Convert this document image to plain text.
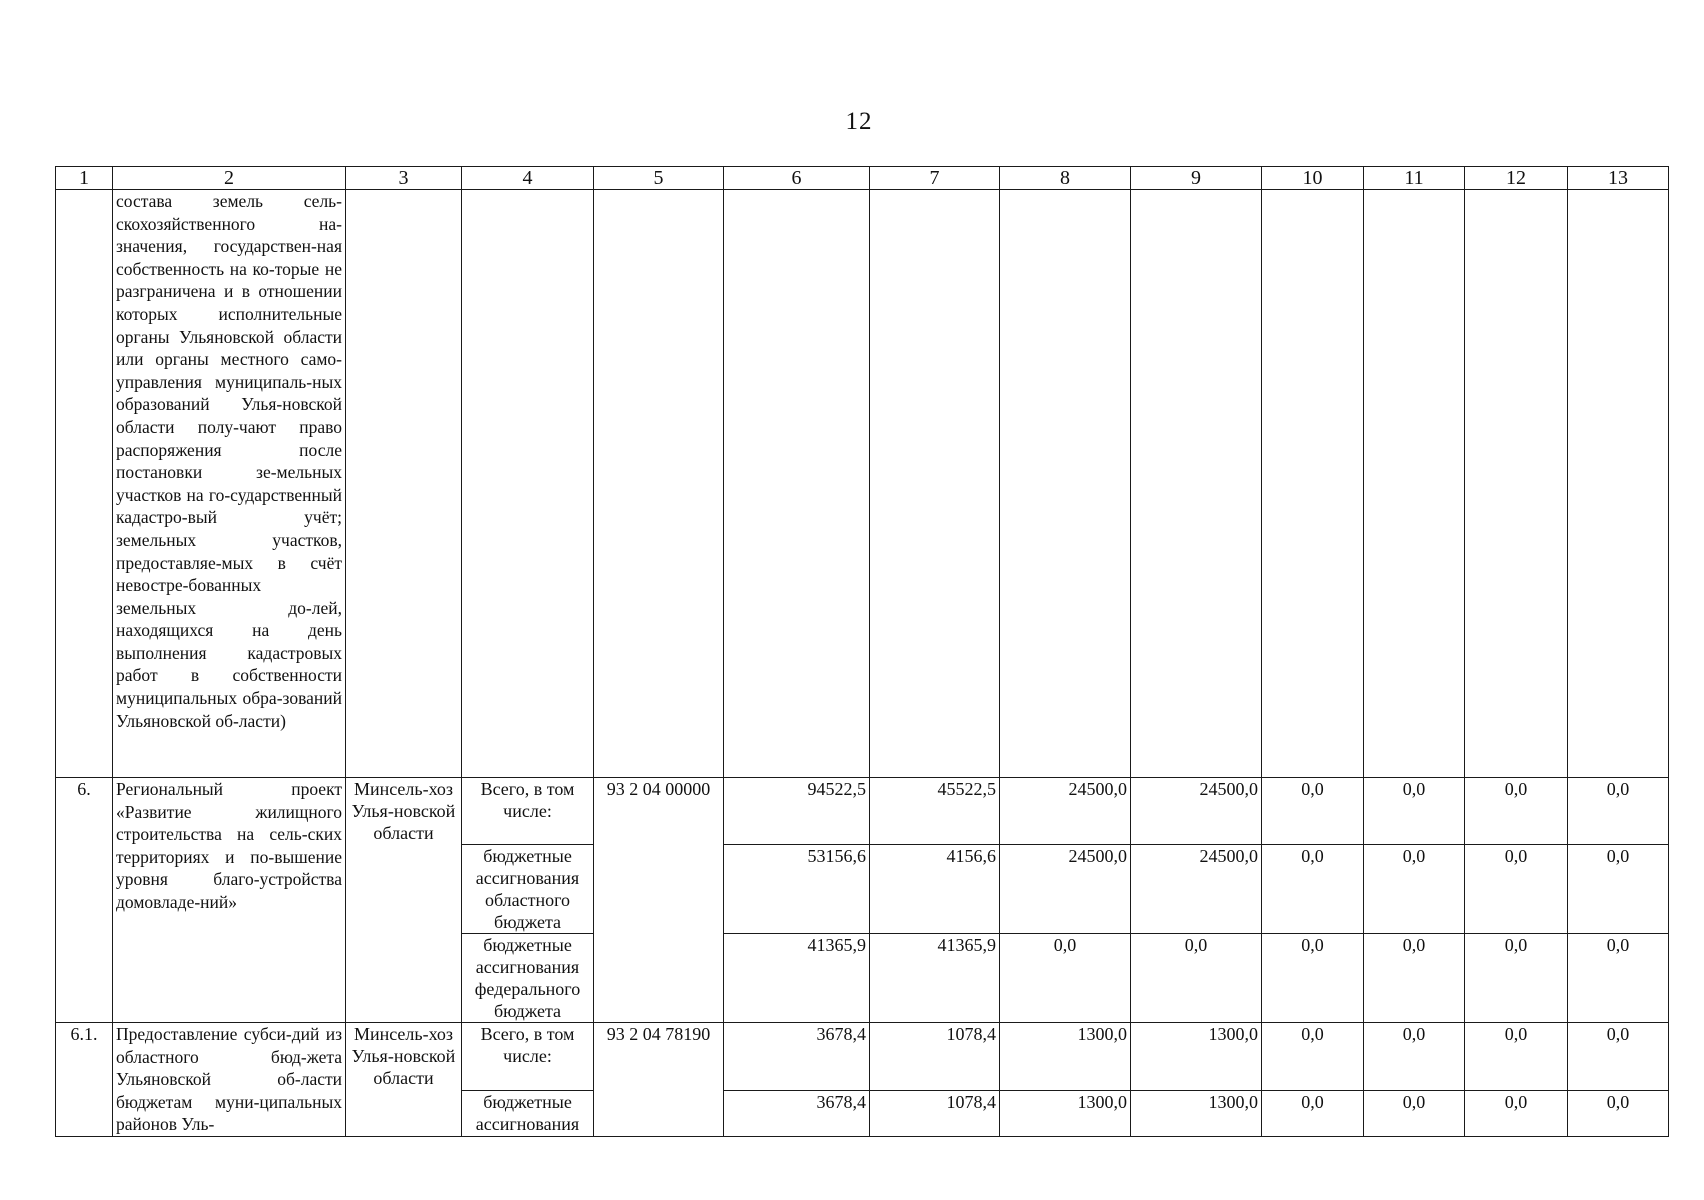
12
1	2	3	4	5	6	7	8	9	10	11	12	13
	состава земель сель-скохозяйственного на-значения, государствен-ная собственность на ко-торые не разграничена и в отношении которых исполнительные органы Ульяновской области или органы местного само-управления муниципаль-ных образований Улья-новской области полу-чают право распоряжения после постановки зе-мельных участков на го-сударственный кадастро-вый учёт; земельных участков, предоставляе-мых в счёт невостре-бованных земельных до-лей, находящихся на день выполнения кадастровых работ в собственности муниципальных обра-зований Ульяновской об-ласти)											
6.	Региональный проект «Развитие жилищного строительства на сель-ских территориях и по-вышение уровня благо-устройства домовладе-ний»	Минсель-хоз Улья-новской области	Всего, в том числе:	93 2 04 00000	94522,5	45522,5	24500,0	24500,0	0,0	0,0	0,0	0,0
			бюджетные ассигнования областного бюджета		53156,6	4156,6	24500,0	24500,0	0,0	0,0	0,0	0,0
			бюджетные ассигнования федерального бюджета		41365,9	41365,9	0,0	0,0	0,0	0,0	0,0	0,0
6.1.	Предоставление субси-дий из областного бюд-жета Ульяновской об-ласти бюджетам муни-ципальных районов Уль-	Минсель-хоз Улья-новской области	Всего, в том числе:	93 2 04 78190	3678,4	1078,4	1300,0	1300,0	0,0	0,0	0,0	0,0
			бюджетные ассигнования		3678,4	1078,4	1300,0	1300,0	0,0	0,0	0,0	0,0
